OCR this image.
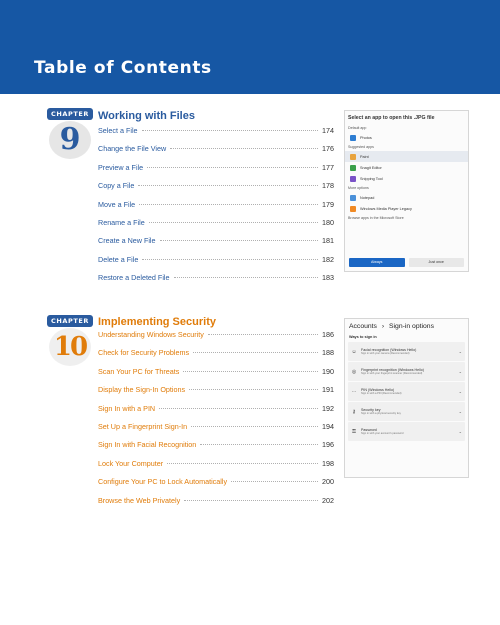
Table of Contents
CHAPTER
9
Working with Files
Select a File	174
Change the File View	176
Preview a File	177
Copy a File	178
Move a File	179
Rename a File	180
Create a New File	181
Delete a File	182
Restore a Deleted File	183
CHAPTER
10
Implementing Security
Understanding Windows Security	186
Check for Security Problems	188
Scan Your PC for Threats	190
Display the Sign-In Options	191
Sign In with a PIN	192
Set Up a Fingerprint Sign-In	194
Sign In with Facial Recognition	196
Lock Your Computer	198
Configure Your PC to Lock Automatically	200
Browse the Web Privately	202
Select an app to open this .JPG file
Default app
Photos
Suggested apps
Paint
Snagit Editor
Snipping Tool
More options
Notepad
Windows Media Player Legacy
Browse apps in the Microsoft Store
Always	Just once
Accounts › Sign-in options
Ways to sign in
☺ Facial recognition (Windows Hello)
Sign in with your camera (Recommended)	⌄
◎ Fingerprint recognition (Windows Hello)
Sign in with your fingerprint scanner (Recommended)	⌄
⋯ PIN (Windows Hello)
Sign in with a PIN (Recommended)	⌄
⚷	Security key
Sign in with a physical security key	⌄
⚿	Password
Sign in with your account's password	⌄
